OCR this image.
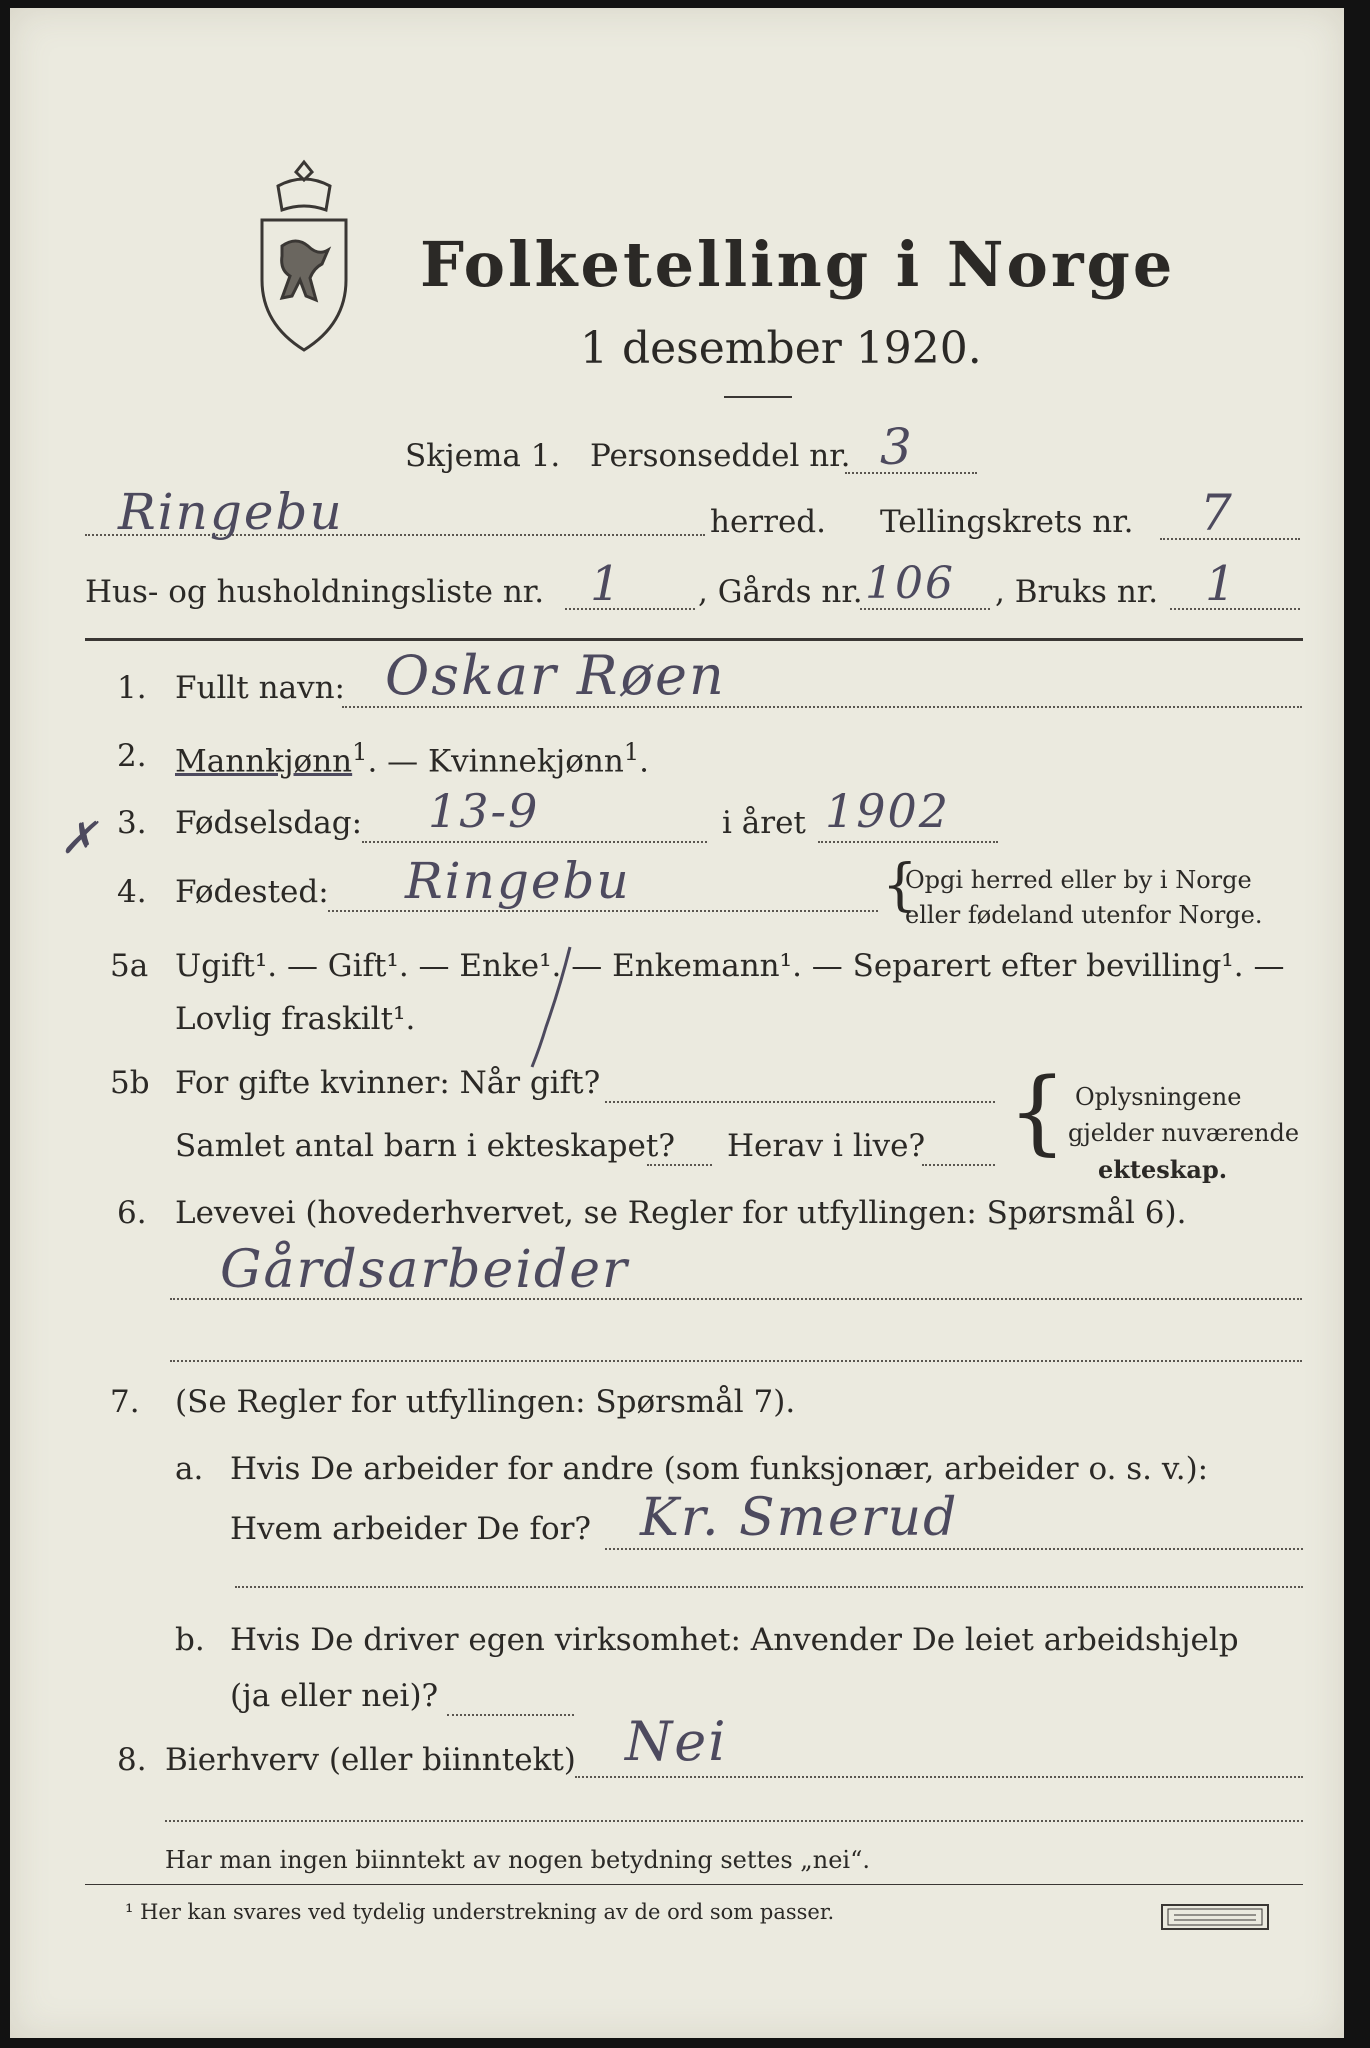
Folketelling i Norge
1 desember 1920.
Skjema 1. Personseddel nr. 3
Ringebu	herred. Tellingskrets nr. 7
Hus- og husholdningsliste nr. 1 , Gårds nr. 106 , Bruks nr. 1
1. Fullt navn: Oskar Røen
2. Mannkjønn$^1$. — Kvinnekjønn$^1$.
✗ 3. Fødselsdag: 13-9	i året 1902
4. Fødested: Ringebu	{
Opgi herred eller by i Norge
eller fødeland utenfor Norge.
5a Ugift¹. — Gift¹. — Enke¹. — Enkemann¹. — Separert efter bevilling¹. —
Lovlig fraskilt¹.
5b For gifte kvinner: Når gift?
Samlet antal barn i ekteskapet? Herav i live? { Oplysningene
gjelder nuværende
ekteskap.
6. Levevei (hovederhvervet, se Regler for utfyllingen: Spørsmål 6).
Gårdsarbeider
7. (Se Regler for utfyllingen: Spørsmål 7).
a. Hvis De arbeider for andre (som funksjonær, arbeider o. s. v.):
Hvem arbeider De for? Kr. Smerud
b. Hvis De driver egen virksomhet: Anvender De leiet arbeidshjelp
(ja eller nei)?
8. Bierhverv (eller biinntekt) Nei
Har man ingen biinntekt av nogen betydning settes „nei“.
¹ Her kan svares ved tydelig understrekning av de ord som passer.
